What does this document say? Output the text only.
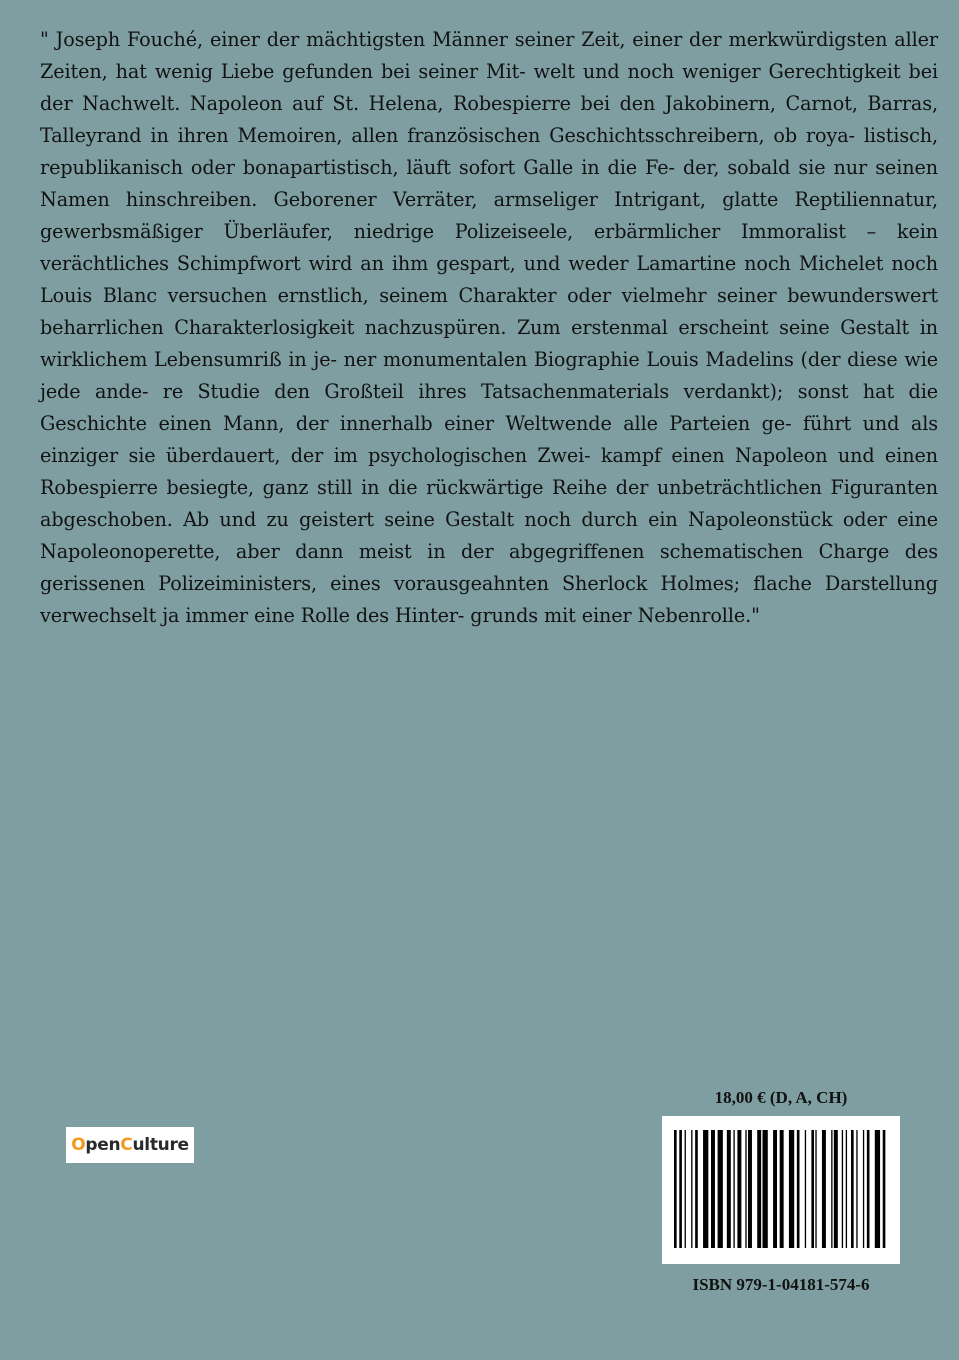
" Joseph Fouché, einer der mächtigsten Männer seiner Zeit, einer der merkwürdigsten aller Zeiten, hat wenig Liebe gefunden bei seiner Mit- welt und noch weniger Gerechtigkeit bei der Nachwelt. Napoleon auf St. Helena, Robespierre bei den Jakobinern, Carnot, Barras, Talleyrand in ihren Memoiren, allen französischen Geschichtsschreibern, ob roya- listisch, republikanisch oder bonapartistisch, läuft sofort Galle in die Fe- der, sobald sie nur seinen Namen hinschreiben. Geborener Verräter, armseliger Intrigant, glatte Reptiliennatur, gewerbsmäßiger Überläufer, niedrige Polizeiseele, erbärmlicher Immoralist – kein verächtliches Schimpfwort wird an ihm gespart, und weder Lamartine noch Michelet noch Louis Blanc versuchen ernstlich, seinem Charakter oder vielmehr seiner bewunderswert beharrlichen Charakterlosigkeit nachzuspüren. Zum erstenmal erscheint seine Gestalt in wirklichem Lebensumriß in je- ner monumentalen Biographie Louis Madelins (der diese wie jede ande- re Studie den Großteil ihres Tatsachenmaterials verdankt); sonst hat die Geschichte einen Mann, der innerhalb einer Weltwende alle Parteien ge- führt und als einziger sie überdauert, der im psychologischen Zwei- kampf einen Napoleon und einen Robespierre besiegte, ganz still in die rückwärtige Reihe der unbeträchtlichen Figuranten abgeschoben. Ab und zu geistert seine Gestalt noch durch ein Napoleonstück oder eine Napoleonoperette, aber dann meist in der abgegriffenen schematischen Charge des gerissenen Polizeiministers, eines vorausgeahnten Sherlock Holmes; flache Darstellung verwechselt ja immer eine Rolle des Hinter- grunds mit einer Nebenrolle."

O pen C ulture
18,00 € (D, A, CH)
ISBN 979-1-04181-574-6
